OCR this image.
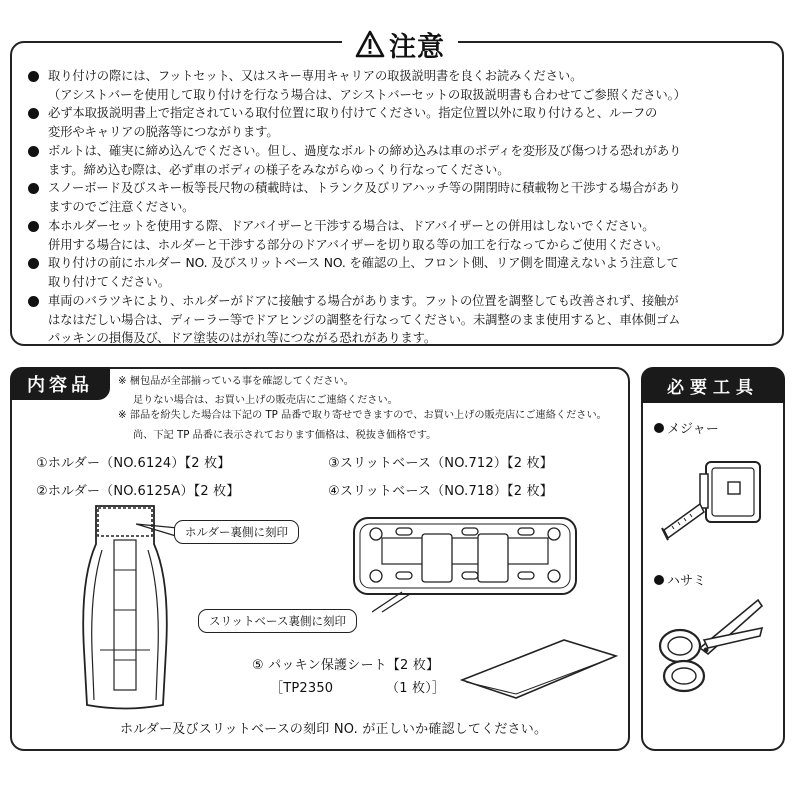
注意
取り付けの際には、フットセット、又はスキー専用キャリアの取扱説明書を良くお読みください。
（アシストバーを使用して取り付けを行なう場合は、アシストバーセットの取扱説明書も合わせてご参照ください。）
必ず本取扱説明書上で指定されている取付位置に取り付けてください。指定位置以外に取り付けると、ルーフの
変形やキャリアの脱落等につながります。
ボルトは、確実に締め込んでください。但し、過度なボルトの締め込みは車のボディを変形及び傷つける恐れがあり
ます。締め込む際は、必ず車のボディの様子をみながらゆっくり行なってください。
スノーボード及びスキー板等長尺物の積載時は、トランク及びリアハッチ等の開閉時に積載物と干渉する場合があり
ますのでご注意ください。
本ホルダーセットを使用する際、ドアバイザーと干渉する場合は、ドアバイザーとの併用はしないでください。
併用する場合には、ホルダーと干渉する部分のドアバイザーを切り取る等の加工を行なってからご使用ください。
取り付けの前にホルダー NO. 及びスリットベース NO. を確認の上、フロント側、リア側を間違えないよう注意して
取り付けてください。
車両のバラツキにより、ホルダーがドアに接触する場合があります。フットの位置を調整しても改善されず、接触が
はなはだしい場合は、ディーラー等でドアヒンジの調整を行なってください。未調整のまま使用すると、車体側ゴム
パッキンの損傷及び、ドア塗装のはがれ等につながる恐れがあります。
内容品 ※ 梱包品が全部揃っている事を確認してください。
足りない場合は、お買い上げの販売店にご連絡ください。
※ 部品を紛失した場合は下記の TP 品番で取り寄せできますので、お買い上げの販売店にご連絡ください。
尚、下記 TP 品番に表示されております価格は、税抜き価格です。
①ホルダー（NO.6124）【2 枚】
②ホルダー（NO.6125A）【2 枚】
③スリットベース（NO.712）【2 枚】
④スリットベース（NO.718）【2 枚】
ホルダー裏側に刻印
スリットベース裏側に刻印
⑤ パッキン保護シート【2 枚】
［TP2350	（1 枚）］
ホルダー及びスリットベースの刻印 NO. が正しいか確認してください。
必要工具
メジャー
ハサミ
